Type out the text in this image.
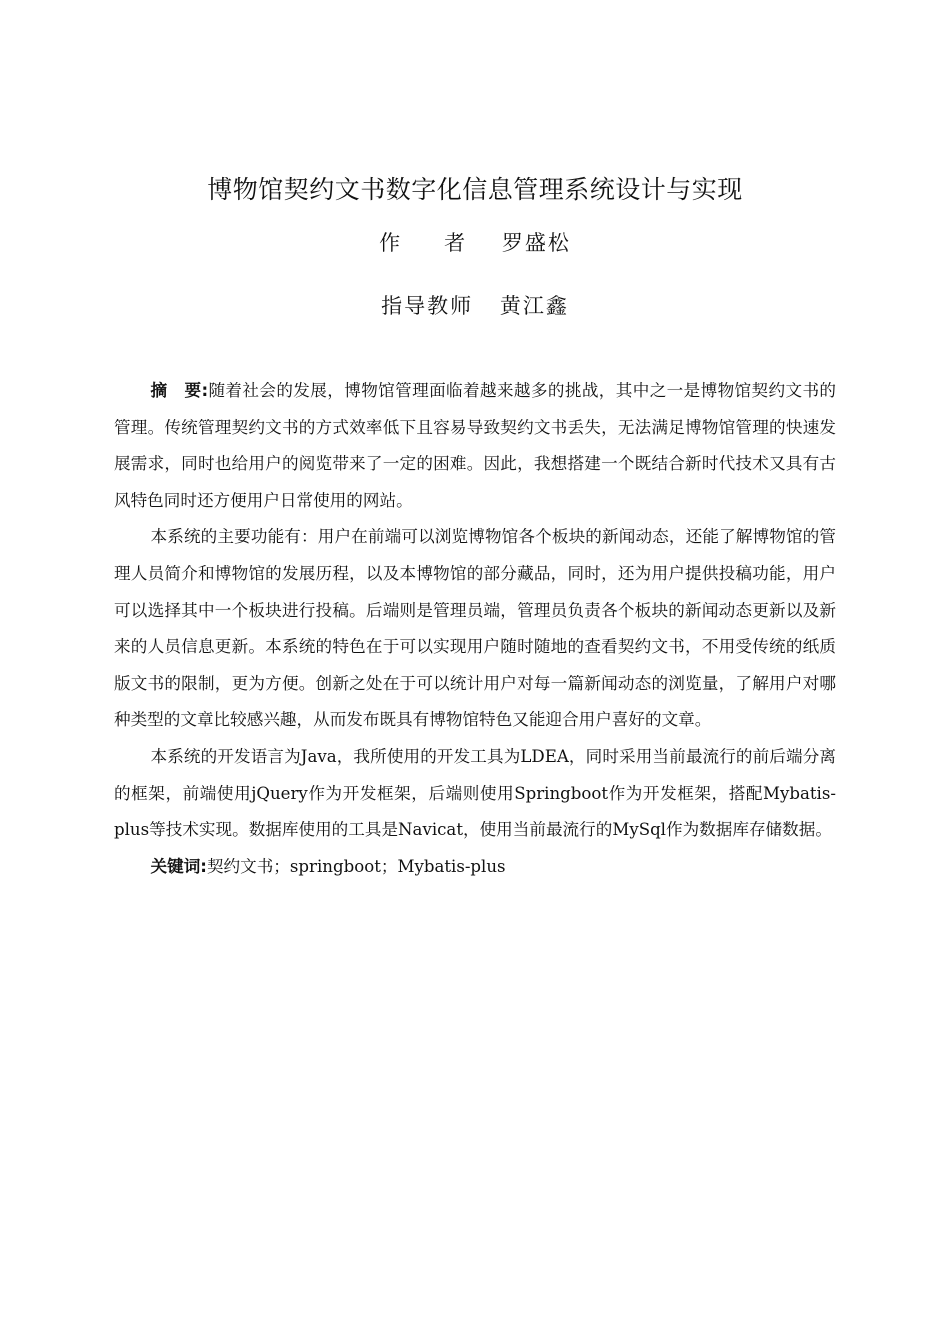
博物馆契约文书数字化信息管理系统设计与实现
作者 罗盛松
指导教师 黄江鑫

摘　要:随着社会的发展，博物馆管理面临着越来越多的挑战，其中之一是博物馆契约文书的管理。传统管理契约文书的方式效率低下且容易导致契约文书丢失，无法满足博物馆管理的快速发展需求，同时也给用户的阅览带来了一定的困难。因此，我想搭建一个既结合新时代技术又具有古风特色同时还方便用户日常使用的网站。

本系统的主要功能有：用户在前端可以浏览博物馆各个板块的新闻动态，还能了解博物馆的管理人员简介和博物馆的发展历程，以及本博物馆的部分藏品，同时，还为用户提供投稿功能，用户可以选择其中一个板块进行投稿。后端则是管理员端，管理员负责各个板块的新闻动态更新以及新来的人员信息更新。本系统的特色在于可以实现用户随时随地的查看契约文书，不用受传统的纸质版文书的限制，更为方便。创新之处在于可以统计用户对每一篇新闻动态的浏览量，了解用户对哪种类型的文章比较感兴趣，从而发布既具有博物馆特色又能迎合用户喜好的文章。

本系统的开发语言为Java，我所使用的开发工具为LDEA，同时采用当前最流行的前后端分离的框架，前端使用jQuery作为开发框架，后端则使用Springboot作为开发框架，搭配Mybatis-plus等技术实现。数据库使用的工具是Navicat，使用当前最流行的MySql作为数据库存储数据。

关键词:契约文书；springboot；Mybatis-plus
